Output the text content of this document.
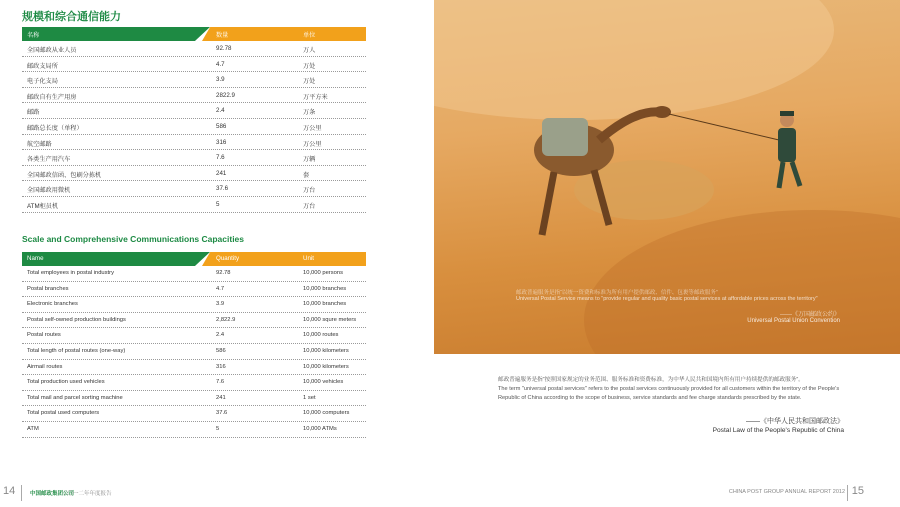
规模和综合通信能力
名称	数量	单位
全国邮政从业人员	92.78	万人
邮政支局所	4.7	万处
电子化支局	3.9	万处
邮政自有生产用房	2822.9	万平方米
邮路	2.4	万条
邮路总长度（单程）	586	万公里
航空邮路	316	万公里
各类生产用汽车	7.6	万辆
全国邮政信函、包刷分拣机	241	套
全国邮政用微机	37.6	万台
ATM柜员机	5	万台
Scale and Comprehensive Communications Capacities
Name	Quantity	Unit
Total employees in postal industry	92.78	10,000 persons
Postal branches	4.7	10,000 branches
Electronic branches	3.9	10,000 branches
Postal self-owned production buildings	2,822.9	10,000 squre meters
Postal routes	2.4	10,000 routes
Total length of postal routes (one-way)	586	10,000 kilometers
Airmail routes	316	10,000 kilometers
Total production used vehicles	7.6	10,000 vehicles
Total mail and parcel sorting machine	241	1 set
Total postal used computers	37.6	10,000 computers
ATM	5	10,000 ATMs
邮政普遍服务是指“以统一资费和标准为所有用户提供邮政、信件、包裹等邮政服务”
Universal Postal Service means to "provide regular and quality basic postal services at affordable prices across the territory"
——《万国邮政公约》
Universal Postal Union Convention
邮政普遍服务是指“按照国家规定的业务范围、服务标准和资费标准，为中华人民共和国境内所有用户持续提供的邮政服务”。
The term "universal postal services" refers to the postal services continuously provided for all customers within the territory of the People's Republic of China according to the scope of business, service standards and fee charge standards prescribed by the state.
——《中华人民共和国邮政法》
Postal Law of the People's Republic of China
14	中国邮政集团公司
二〇一二年年度报告	CHINA POST GROUP ANNUAL REPORT 2012 15
